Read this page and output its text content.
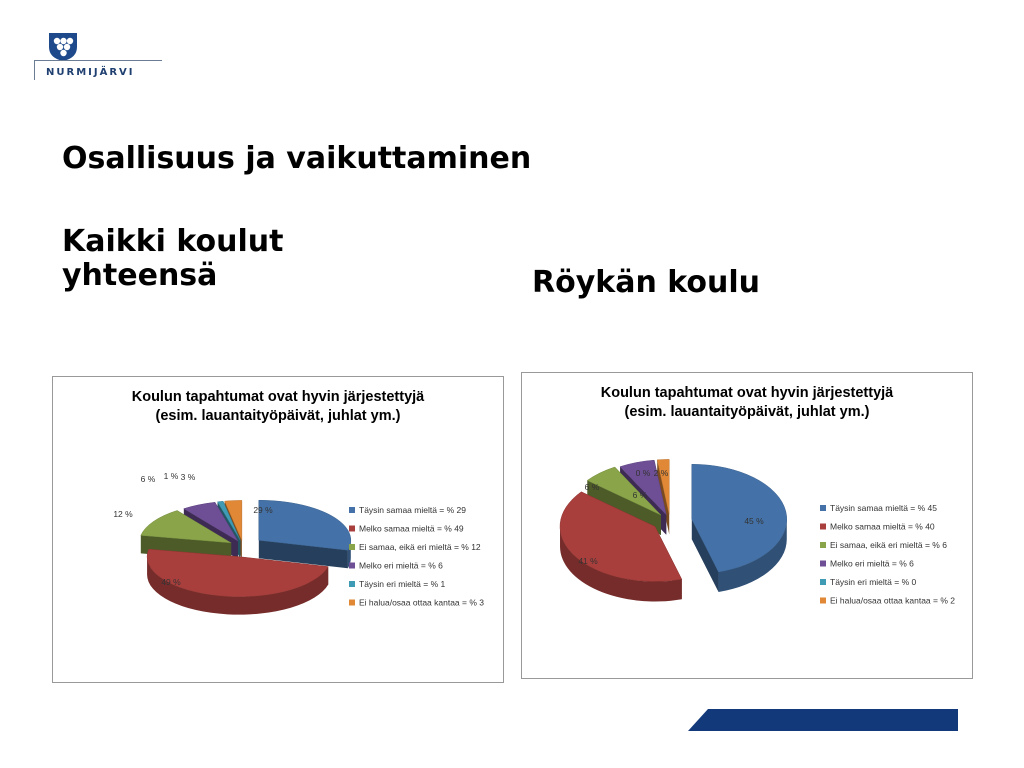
NURMIJÄRVI
Osallisuus ja vaikuttaminen
Kaikki koulut
yhteensä	Röykän koulu
Koulun tapahtumat ovat hyvin järjestettyjä
(esim. lauantaityöpäivät, juhlat ym.)
29 %
49 %
12 %
6 % 1 % 3 %
Täysin samaa mieltä = % 29
Melko samaa mieltä = % 49
Ei samaa, eikä eri mieltä = % 12
Melko eri mieltä = % 6
Täysin eri mieltä = % 1
Ei halua/osaa ottaa kantaa = % 3
Koulun tapahtumat ovat hyvin järjestettyjä
(esim. lauantaityöpäivät, juhlat ym.)
45 %
41 %
6 %
6 %
0 % 2 %
Täysin samaa mieltä = % 45
Melko samaa mieltä = % 40
Ei samaa, eikä eri mieltä = % 6
Melko eri mieltä = % 6
Täysin eri mieltä = % 0
Ei halua/osaa ottaa kantaa = % 2
